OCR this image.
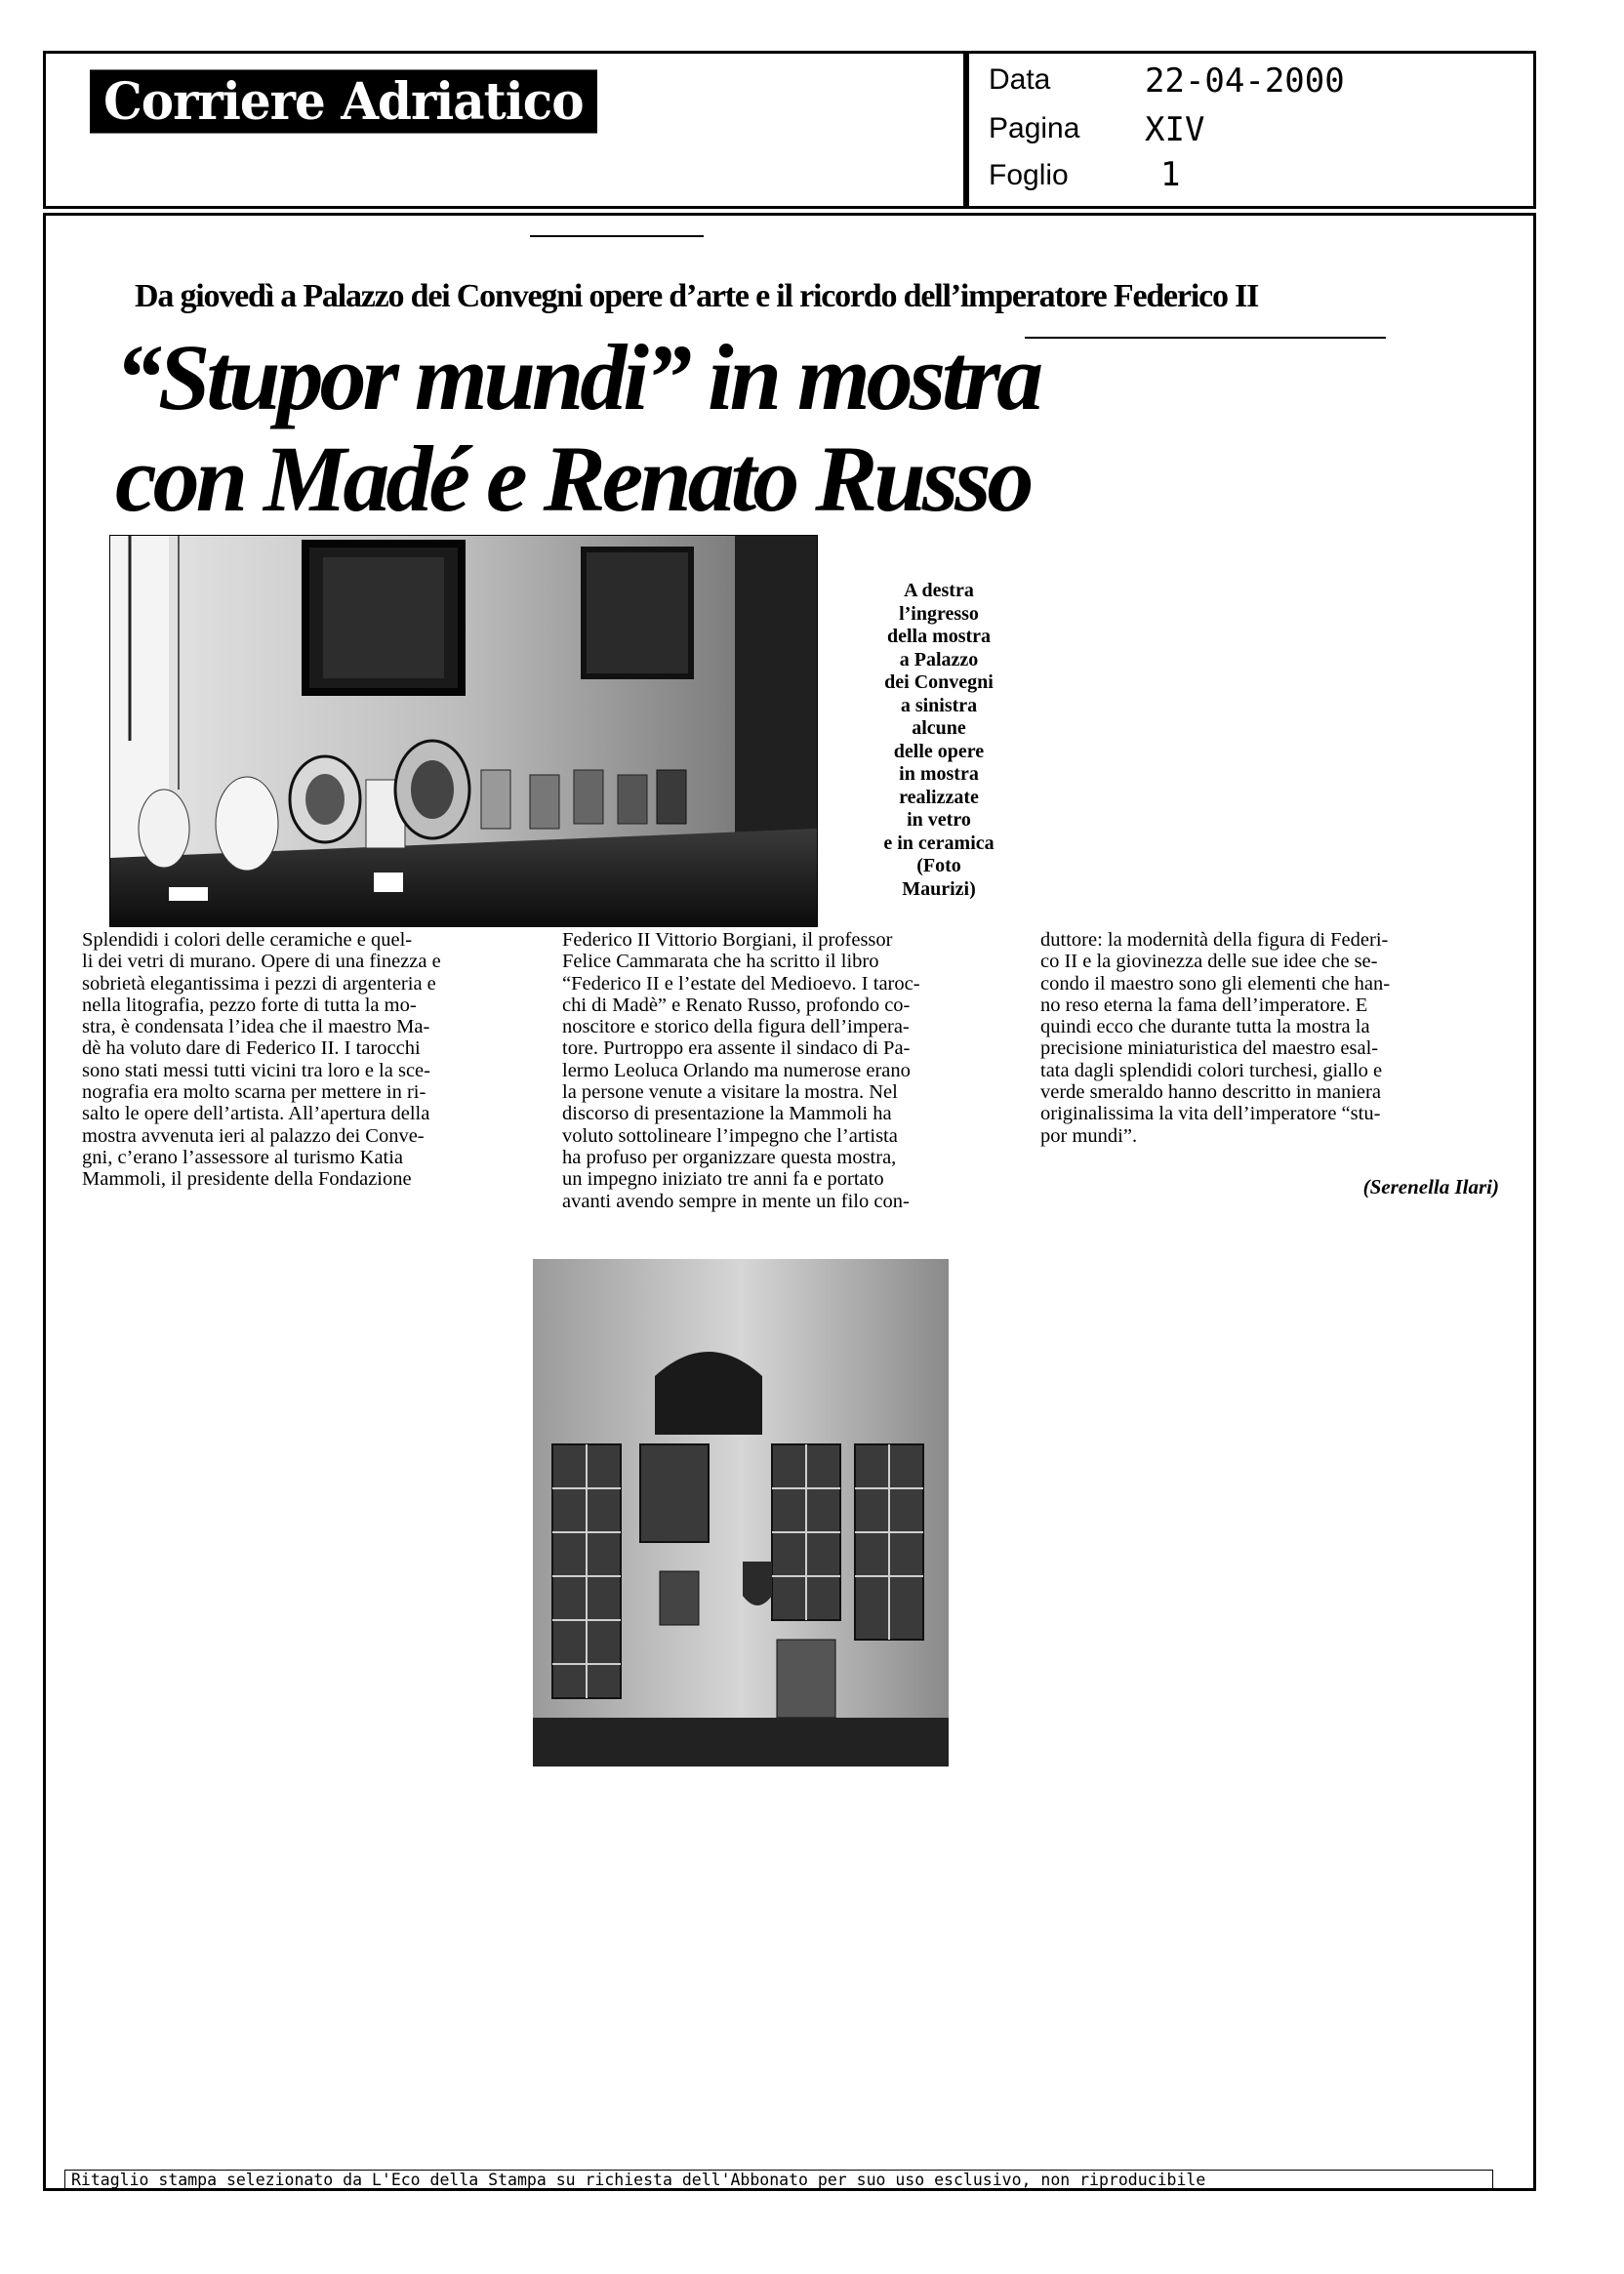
Corriere Adriatico	Data	22-04-2000
Pagina XIV
Foglio	1
Da giovedì a Palazzo dei Convegni opere d’arte e il ricordo dell’imperatore Federico II
“Stupor mundi” in mostra
con Madé e Renato Russo
A destra
l’ingresso
della mostra
a Palazzo
dei Convegni
a sinistra
alcune
delle opere
in mostra
realizzate
in vetro
e in ceramica
(Foto
Maurizi)

Splendidi i colori delle ceramiche e quel-

li dei vetri di murano. Opere di una finezza e

sobrietà elegantissima i pezzi di argenteria e

nella litografia, pezzo forte di tutta la mo-

stra, è condensata l’idea che il maestro Ma-

dè ha voluto dare di Federico II. I tarocchi

sono stati messi tutti vicini tra loro e la sce-

nografia era molto scarna per mettere in ri-

salto le opere dell’artista. All’apertura della

mostra avvenuta ieri al palazzo dei Conve-

gni, c’erano l’assessore al turismo Katia

Mammoli, il presidente della Fondazione

Federico II Vittorio Borgiani, il professor

Felice Cammarata che ha scritto il libro

“Federico II e l’estate del Medioevo. I taroc-

chi di Madè” e Renato Russo, profondo co-

noscitore e storico della figura dell’impera-

tore. Purtroppo era assente il sindaco di Pa-

lermo Leoluca Orlando ma numerose erano

la persone venute a visitare la mostra. Nel

discorso di presentazione la Mammoli ha

voluto sottolineare l’impegno che l’artista

ha profuso per organizzare questa mostra,

un impegno iniziato tre anni fa e portato

avanti avendo sempre in mente un filo con-

duttore: la modernità della figura di Federi-

co II e la giovinezza delle sue idee che se-

condo il maestro sono gli elementi che han-

no reso eterna la fama dell’imperatore. E

quindi ecco che durante tutta la mostra la

precisione miniaturistica del maestro esal-

tata dagli splendidi colori turchesi, giallo e

verde smeraldo hanno descritto in maniera

originalissima la vita dell’imperatore “stu-

por mundi”.

(Serenella Ilari)
Ritaglio stampa selezionato da L'Eco della Stampa su richiesta dell'Abbonato per suo uso esclusivo, non riproducibile
